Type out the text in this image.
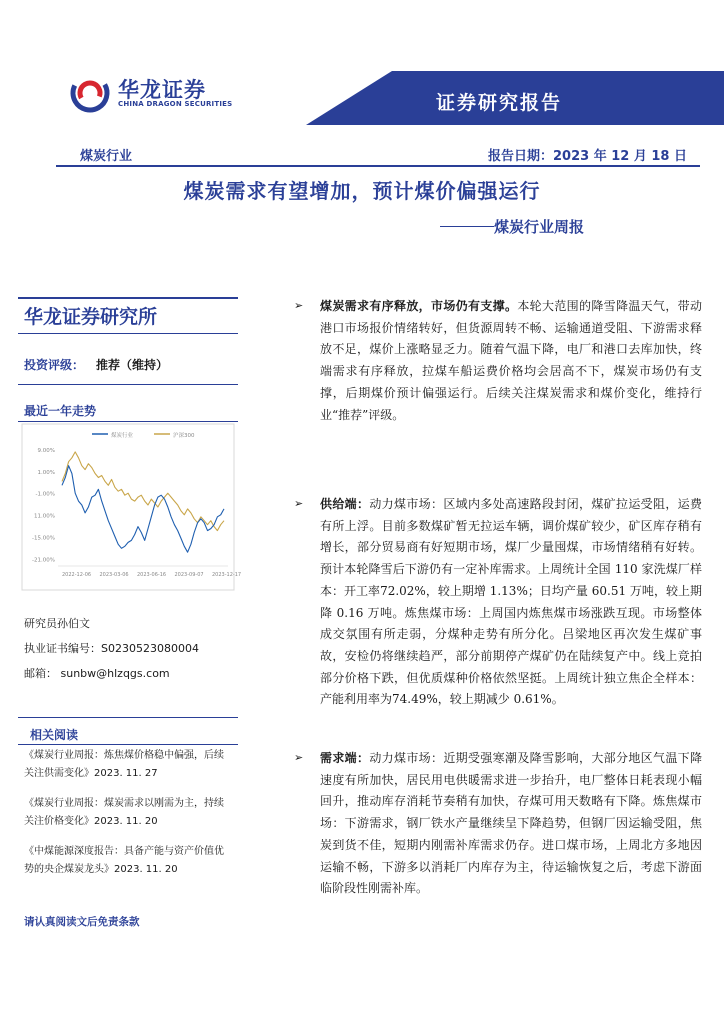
证券研究报告
华龙证券
CHINA DRAGON SECURITIES
煤炭行业	报告日期：2023 年 12 月 18 日
煤炭需求有望增加，预计煤价偏强运行
煤炭行业周报
华龙证券研究所
投资评级： 推荐（维持）
最近一年走势
煤炭行业	沪深300
9.00%
1.00%
-1.00%
11.00%
-15.00%
-21.00%
2022-12-06 2023-03-06 2023-06-16 2023-09-07 2023-12-17
研究员孙伯文
执业证书编号：S0230523080004
邮箱： sunbw@hlzqgs.com
相关阅读
《煤炭行业周报：炼焦煤价格稳中偏强，后续关注供需变化》2023. 11. 27
《煤炭行业周报：煤炭需求以刚需为主，持续关注价格变化》2023. 11. 20
《中煤能源深度报告：具备产能与资产价值优势的央企煤炭龙头》2023. 11. 20
请认真阅读文后免责条款
➢ 煤炭需求有序释放，市场仍有支撑。本轮大范围的降雪降温天气，带动港口市场报价情绪转好，但货源周转不畅、运输通道受阻、下游需求释放不足，煤价上涨略显乏力。随着气温下降，电厂和港口去库加快，终端需求有序释放，拉煤车船运费价格均会居高不下，煤炭市场仍有支撑，后期煤价预计偏强运行。后续关注煤炭需求和煤价变化，维持行业“推荐”评级。
➢ 供给端：动力煤市场：区域内多处高速路段封闭，煤矿拉运受阻，运费有所上浮。目前多数煤矿暂无拉运车辆，调价煤矿较少，矿区库存稍有增长，部分贸易商有好短期市场，煤厂少量囤煤，市场情绪稍有好转。预计本轮降雪后下游仍有一定补库需求。上周统计全国 110 家洗煤厂样本：开工率72.02%，较上期增 1.13%；日均产量 60.51 万吨，较上期降 0.16 万吨。炼焦煤市场：上周国内炼焦煤市场涨跌互现。市场整体成交氛围有所走弱，分煤种走势有所分化。吕梁地区再次发生煤矿事故，安检仍将继续趋严，部分前期停产煤矿仍在陆续复产中。线上竞拍部分价格下跌，但优质煤种价格依然坚挺。上周统计独立焦企全样本：产能利用率为74.49%，较上期减少 0.61%。
➢ 需求端：动力煤市场：近期受强寒潮及降雪影响，大部分地区气温下降速度有所加快，居民用电供暖需求进一步抬升，电厂整体日耗表现小幅回升，推动库存消耗节奏稍有加快，存煤可用天数略有下降。炼焦煤市场：下游需求，钢厂铁水产量继续呈下降趋势，但钢厂因运输受阻，焦炭到货不佳，短期内刚需补库需求仍存。进口煤市场，上周北方多地因运输不畅，下游多以消耗厂内库存为主，待运输恢复之后，考虑下游面临阶段性刚需补库。
